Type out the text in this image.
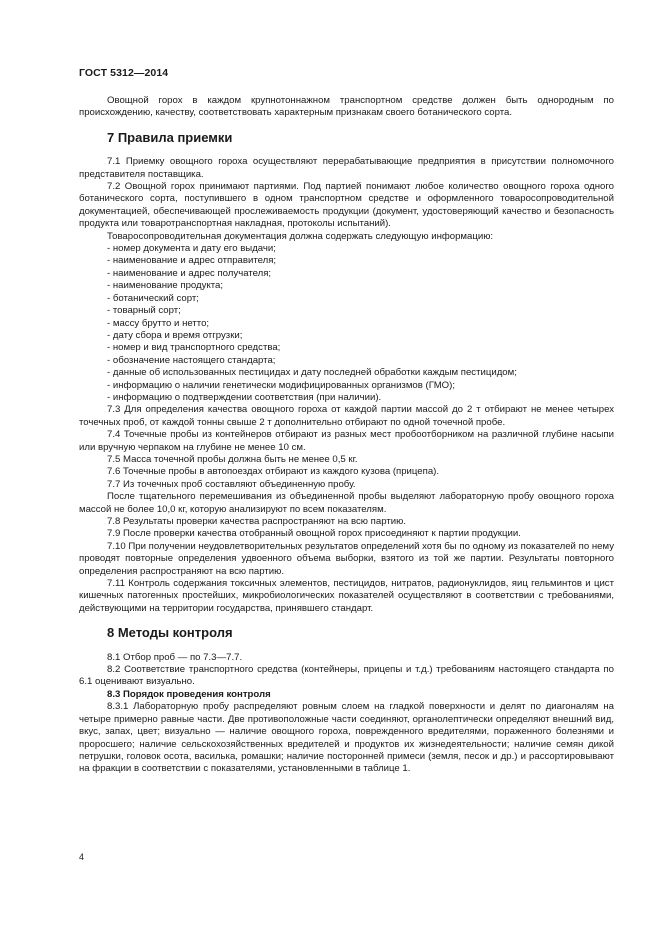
ГОСТ 5312—2014

Овощной горох в каждом крупнотоннажном транспортном средстве должен быть однородным по происхождению, качеству, соответствовать характерным признакам своего ботанического сорта.

7 Правила приемки

7.1 Приемку овощного гороха осуществляют перерабатывающие предприятия в присутствии полномочного представителя поставщика.

7.2 Овощной горох принимают партиями. Под партией понимают любое количество овощного гороха одного ботанического сорта, поступившего в одном транспортном средстве и оформленного товаросопроводительной документацией, обеспечивающей прослеживаемость продукции (документ, удостоверяющий качество и безопасность продукта или товаротранспортная накладная, протоколы испытаний).

Товаросопроводительная документация должна содержать следующую информацию:

- номер документа и дату его выдачи;

- наименование и адрес отправителя;

- наименование и адрес получателя;

- наименование продукта;

- ботанический сорт;

- товарный сорт;

- массу брутто и нетто;

- дату сбора и время отгрузки;

- номер и вид транспортного средства;

- обозначение настоящего стандарта;

- данные об использованных пестицидах и дату последней обработки каждым пестицидом;

- информацию о наличии генетически модифицированных организмов (ГМО);

- информацию о подтверждении соответствия (при наличии).

7.3 Для определения качества овощного гороха от каждой партии массой до 2 т отбирают не менее четырех точечных проб, от каждой тонны свыше 2 т дополнительно отбирают по одной точечной пробе.

7.4 Точечные пробы из контейнеров отбирают из разных мест пробоотборником на различной глубине насыпи или вручную черпаком на глубине не менее 10 см.

7.5 Масса точечной пробы должна быть не менее 0,5 кг.

7.6 Точечные пробы в автопоездах отбирают из каждого кузова (прицепа).

7.7 Из точечных проб составляют объединенную пробу.

После тщательного перемешивания из объединенной пробы выделяют лабораторную пробу овощного гороха массой не более 10,0 кг, которую анализируют по всем показателям.

7.8 Результаты проверки качества распространяют на всю партию.

7.9 После проверки качества отобранный овощной горох присоединяют к партии продукции.

7.10 При получении неудовлетворительных результатов определений хотя бы по одному из показателей по нему проводят повторные определения удвоенного объема выборки, взятого из той же партии. Результаты повторного определения распространяют на всю партию.

7.11 Контроль содержания токсичных элементов, пестицидов, нитратов, радионуклидов, яиц гельминтов и цист кишечных патогенных простейших, микробиологических показателей осуществляют в соответствии с требованиями, действующими на территории государства, принявшего стандарт.

8 Методы контроля

8.1 Отбор проб — по 7.3—7.7.

8.2 Соответствие транспортного средства (контейнеры, прицепы и т.д.) требованиям настоящего стандарта по 6.1 оценивают визуально.

8.3 Порядок проведения контроля

8.3.1 Лабораторную пробу распределяют ровным слоем на гладкой поверхности и делят по диагоналям на четыре примерно равные части. Две противоположные части соединяют, органолептически определяют внешний вид, вкус, запах, цвет; визуально — наличие овощного гороха, поврежденного вредителями, пораженного болезнями и проросшего; наличие сельскохозяйственных вредителей и продуктов их жизнедеятельности; наличие семян дикой петрушки, головок осота, василька, ромашки; наличие посторонней примеси (земля, песок и др.) и рассортировывают на фракции в соответствии с показателями, установленными в таблице 1.

4
